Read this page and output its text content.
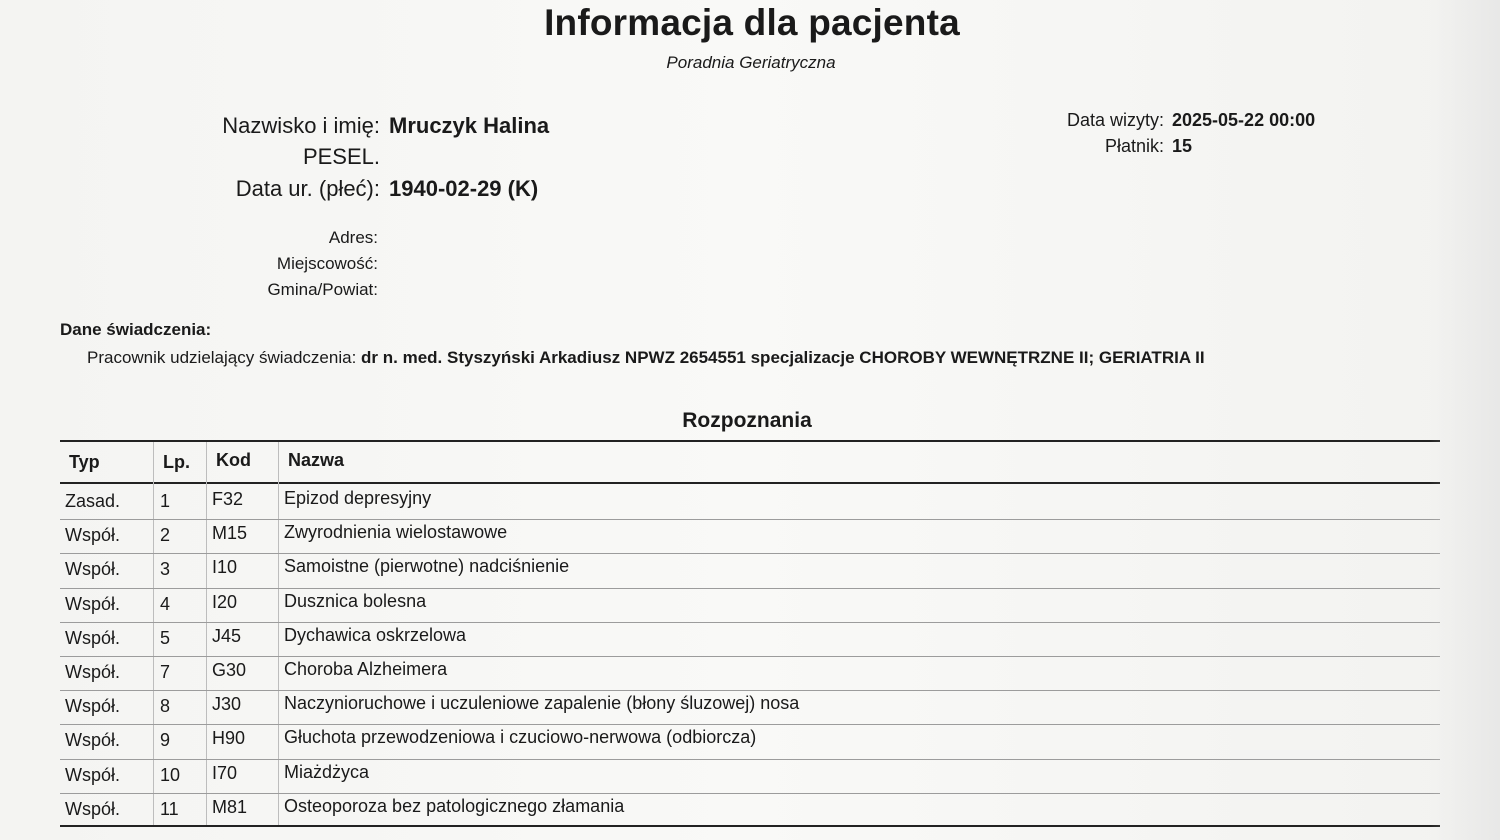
Informacja dla pacjenta
Poradnia Geriatryczna
Nazwisko i imię: Mruczyk Halina
PESEL.
Data ur. (płeć): 1940-02-29 (K)
Adres:
Miejscowość:
Gmina/Powiat:
Data wizyty: 2025-05-22 00:00
Płatnik: 15
Dane świadczenia:
Pracownik udzielający świadczenia: dr n. med. Styszyński Arkadiusz NPWZ 2654551 specjalizacje CHOROBY WEWNĘTRZNE II; GERIATRIA II
Rozpoznania
Typ	Lp. Kod Nazwa
Zasad. 1 F32 Epizod depresyjny
Współ. 2 M15 Zwyrodnienia wielostawowe
Współ. 3 I10	Samoistne (pierwotne) nadciśnienie
Współ. 4 I20	Dusznica bolesna
Współ. 5 J45 Dychawica oskrzelowa
Współ. 7 G30 Choroba Alzheimera
Współ. 8 J30 Naczynioruchowe i uczuleniowe zapalenie (błony śluzowej) nosa
Współ. 9 H90 Głuchota przewodzeniowa i czuciowo-nerwowa (odbiorcza)
Współ. 10 I70	Miażdżyca
Współ. 11 M81 Osteoporoza bez patologicznego złamania
